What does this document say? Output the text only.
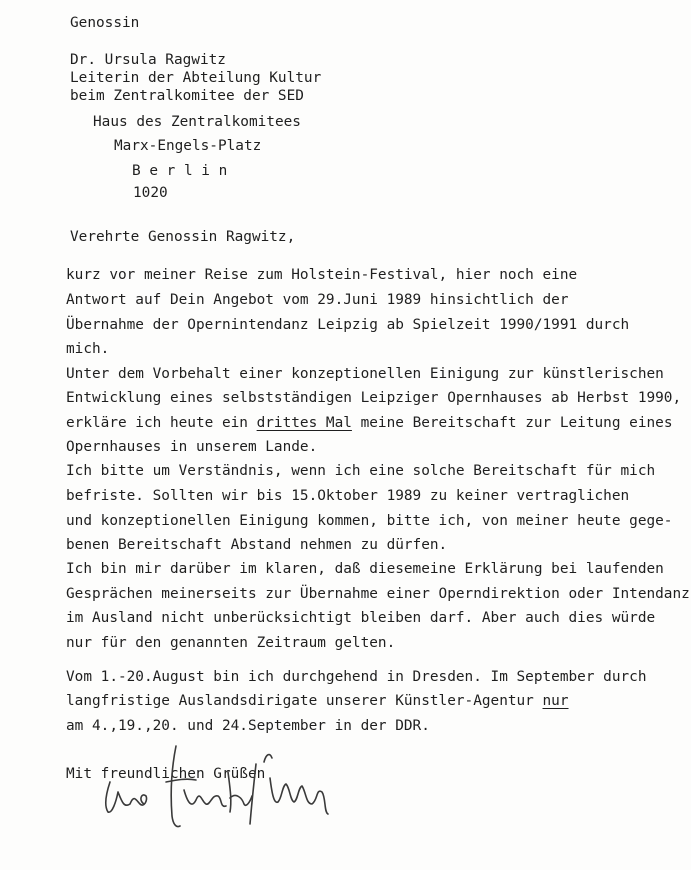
Genossin
Dr. Ursula Ragwitz
Leiterin der Abteilung Kultur
beim Zentralkomitee der SED
Haus des Zentralkomitees
Marx-Engels-Platz
B e r l i n
1020
Verehrte Genossin Ragwitz,
kurz vor meiner Reise zum Holstein-Festival, hier noch eine
Antwort auf Dein Angebot vom 29.Juni 1989 hinsichtlich der
Übernahme der Opernintendanz Leipzig ab Spielzeit 1990/1991 durch
mich.
Unter dem Vorbehalt einer konzeptionellen Einigung zur künstlerischen
Entwicklung eines selbstständigen Leipziger Opernhauses ab Herbst 1990,
erkläre ich heute ein drittes Mal meine Bereitschaft zur Leitung eines
Opernhauses in unserem Lande.
Ich bitte um Verständnis, wenn ich eine solche Bereitschaft für mich
befriste. Sollten wir bis 15.Oktober 1989 zu keiner vertraglichen
und konzeptionellen Einigung kommen, bitte ich, von meiner heute gege-
benen Bereitschaft Abstand nehmen zu dürfen.
Ich bin mir darüber im klaren, daß diesemeine Erklärung bei laufenden
Gesprächen meinerseits zur Übernahme einer Operndirektion oder Intendanz
im Ausland nicht unberücksichtigt bleiben darf. Aber auch dies würde
nur für den genannten Zeitraum gelten.
Vom 1.-20.August bin ich durchgehend in Dresden. Im September durch
langfristige Auslandsdirigate unserer Künstler-Agentur nur
am 4.,19.,20. und 24.September in der DDR.
Mit freundlichen Grüßen
